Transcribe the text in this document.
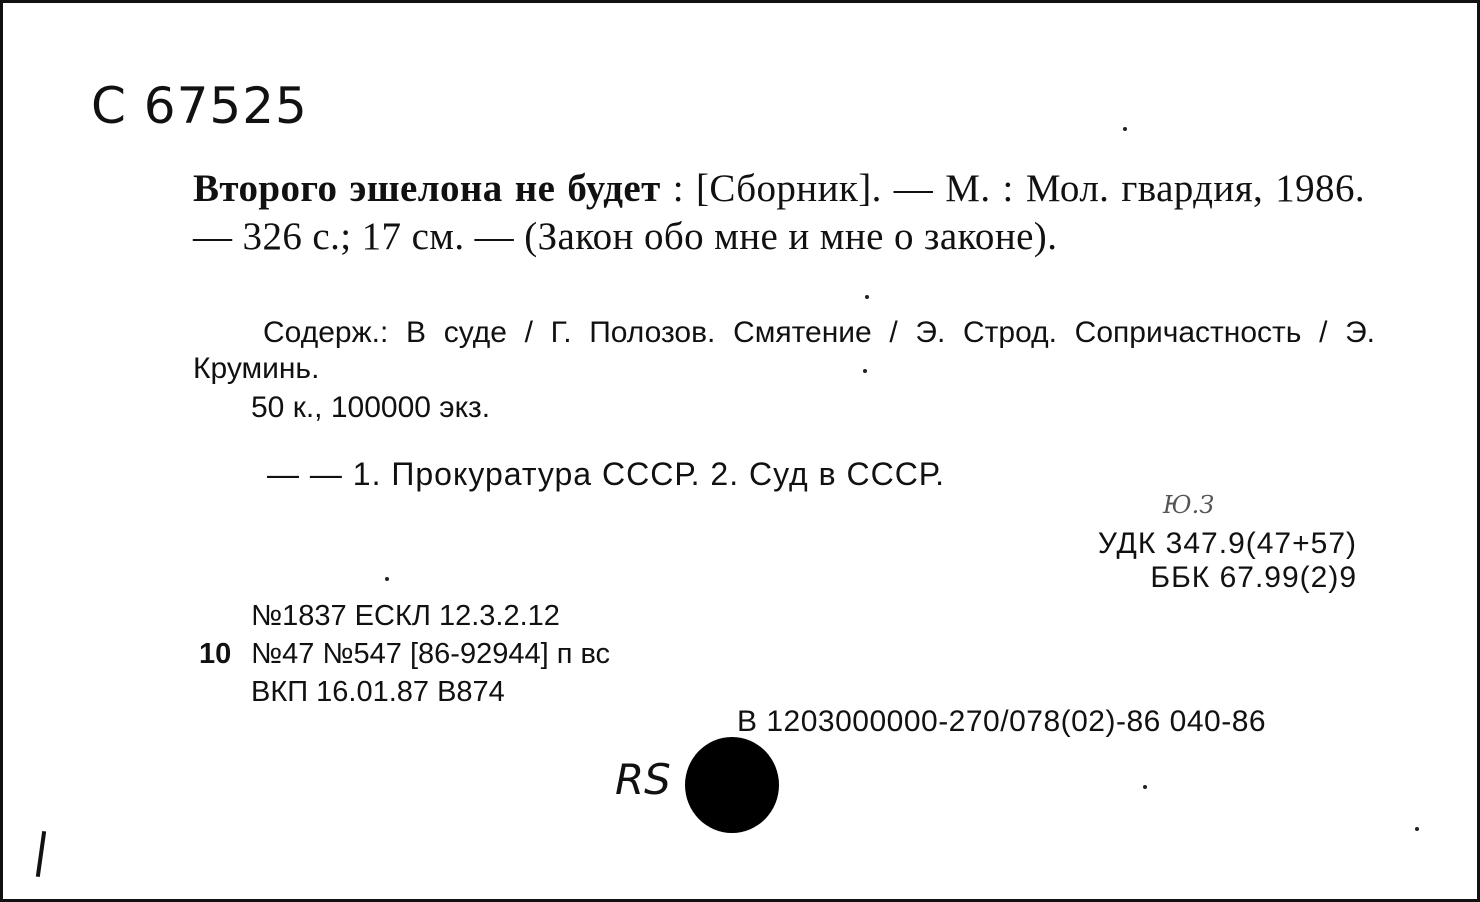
С 67525
Второго эшелона не будет : [Сборник]. — М. : Мол. гвардия, 1986. — 326 с.; 17 см. — (Закон обо мне и мне о законе).
Содерж.: В суде / Г. Полозов. Смятение / Э. Строд. Сопричастность / Э. Круминь.
50 к., 100000 экз.
— — 1. Прокуратура СССР. 2. Суд в СССР.
Ю.З
УДК 347.9(47+57)
ББК 67.99(2)9
№1837 ЕСКЛ 12.3.2.12
10 №47 №547 [86-92944] п вс
ВКП 16.01.87 В874
В 1203000000-270/078(02)-86 040-86
RS
